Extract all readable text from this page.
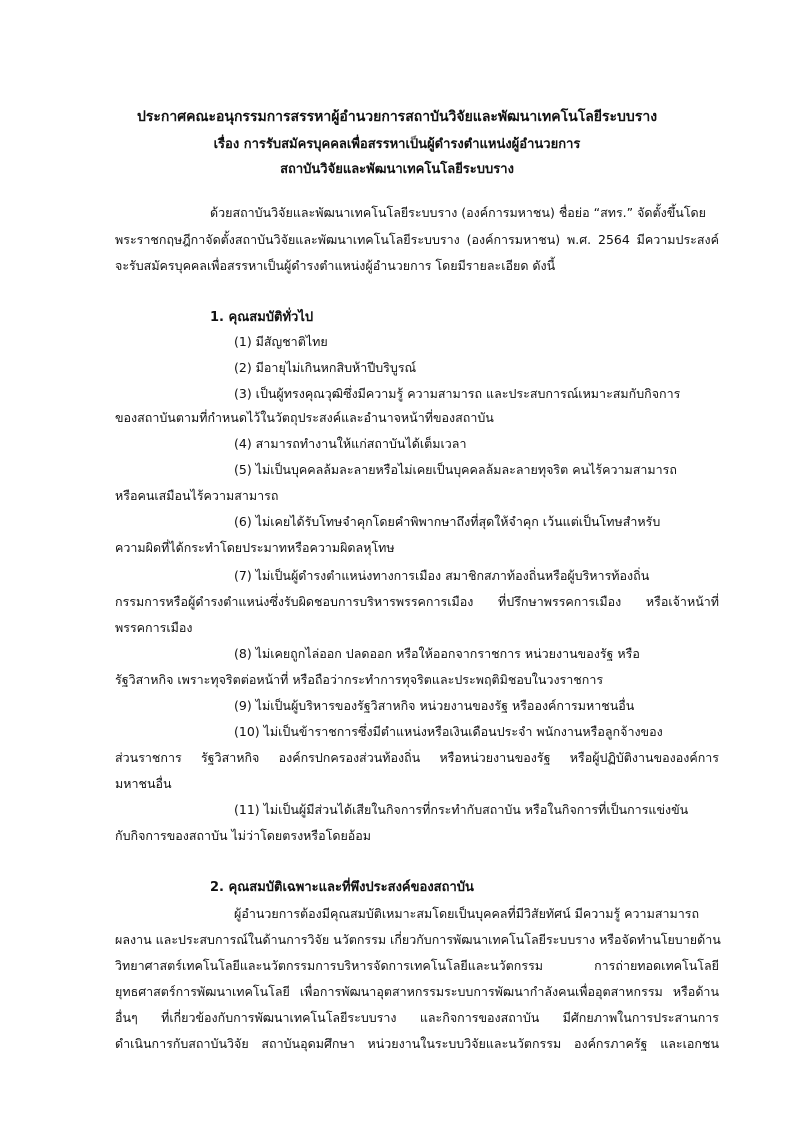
ประกาศคณะอนุกรรมการสรรหาผู้อำนวยการสถาบันวิจัยและพัฒนาเทคโนโลยีระบบราง
เรื่อง การรับสมัครบุคคลเพื่อสรรหาเป็นผู้ดำรงตำแหน่งผู้อำนวยการ
สถาบันวิจัยและพัฒนาเทคโนโลยีระบบราง
ด้วยสถาบันวิจัยและพัฒนาเทคโนโลยีระบบราง (องค์การมหาชน) ชื่อย่อ “สทร.” จัดตั้งขึ้นโดย
พระราชกฤษฎีกาจัดตั้งสถาบันวิจัยและพัฒนาเทคโนโลยีระบบราง (องค์การมหาชน) พ.ศ. 2564 มีความประสงค์
จะรับสมัครบุคคลเพื่อสรรหาเป็นผู้ดำรงตำแหน่งผู้อำนวยการ โดยมีรายละเอียด ดังนี้
1. คุณสมบัติทั่วไป
(1) มีสัญชาติไทย
(2) มีอายุไม่เกินหกสิบห้าปีบริบูรณ์
(3) เป็นผู้ทรงคุณวุฒิซึ่งมีความรู้ ความสามารถ และประสบการณ์เหมาะสมกับกิจการ
ของสถาบันตามที่กำหนดไว้ในวัตถุประสงค์และอำนาจหน้าที่ของสถาบัน
(4) สามารถทำงานให้แก่สถาบันได้เต็มเวลา
(5) ไม่เป็นบุคคลล้มละลายหรือไม่เคยเป็นบุคคลล้มละลายทุจริต คนไร้ความสามารถ
หรือคนเสมือนไร้ความสามารถ
(6) ไม่เคยได้รับโทษจำคุกโดยคำพิพากษาถึงที่สุดให้จำคุก เว้นแต่เป็นโทษสำหรับ
ความผิดที่ได้กระทำโดยประมาทหรือความผิดลหุโทษ
(7) ไม่เป็นผู้ดำรงตำแหน่งทางการเมือง สมาชิกสภาท้องถิ่นหรือผู้บริหารท้องถิ่น
กรรมการหรือผู้ดำรงตำแหน่งซึ่งรับผิดชอบการบริหารพรรคการเมือง ที่ปรึกษาพรรคการเมือง หรือเจ้าหน้าที่
พรรคการเมือง
(8) ไม่เคยถูกไล่ออก ปลดออก หรือให้ออกจากราชการ หน่วยงานของรัฐ หรือ
รัฐวิสาหกิจ เพราะทุจริตต่อหน้าที่ หรือถือว่ากระทำการทุจริตและประพฤติมิชอบในวงราชการ
(9) ไม่เป็นผู้บริหารของรัฐวิสาหกิจ หน่วยงานของรัฐ หรือองค์การมหาชนอื่น
(10) ไม่เป็นข้าราชการซึ่งมีตำแหน่งหรือเงินเดือนประจำ พนักงานหรือลูกจ้างของ
ส่วนราชการ รัฐวิสาหกิจ องค์กรปกครองส่วนท้องถิ่น หรือหน่วยงานของรัฐ หรือผู้ปฏิบัติงานขององค์การ
มหาชนอื่น
(11) ไม่เป็นผู้มีส่วนได้เสียในกิจการที่กระทำกับสถาบัน หรือในกิจการที่เป็นการแข่งขัน
กับกิจการของสถาบัน ไม่ว่าโดยตรงหรือโดยอ้อม
2. คุณสมบัติเฉพาะและที่พึงประสงค์ของสถาบัน
ผู้อำนวยการต้องมีคุณสมบัติเหมาะสมโดยเป็นบุคคลที่มีวิสัยทัศน์ มีความรู้ ความสามารถ
ผลงาน และประสบการณ์ในด้านการวิจัย นวัตกรรม เกี่ยวกับการพัฒนาเทคโนโลยีระบบราง หรือจัดทำนโยบายด้าน
วิทยาศาสตร์เทคโนโลยีและนวัตกรรมการบริหารจัดการเทคโนโลยีและนวัตกรรม การถ่ายทอดเทคโนโลยี
ยุทธศาสตร์การพัฒนาเทคโนโลยี เพื่อการพัฒนาอุตสาหกรรมระบบการพัฒนากำลังคนเพื่ออุตสาหกรรม หรือด้าน
อื่นๆ ที่เกี่ยวข้องกับการพัฒนาเทคโนโลยีระบบราง และกิจการของสถาบัน มีศักยภาพในการประสานการ
ดำเนินการกับสถาบันวิจัย สถาบันอุดมศึกษา หน่วยงานในระบบวิจัยและนวัตกรรม องค์กรภาครัฐ และเอกชน
